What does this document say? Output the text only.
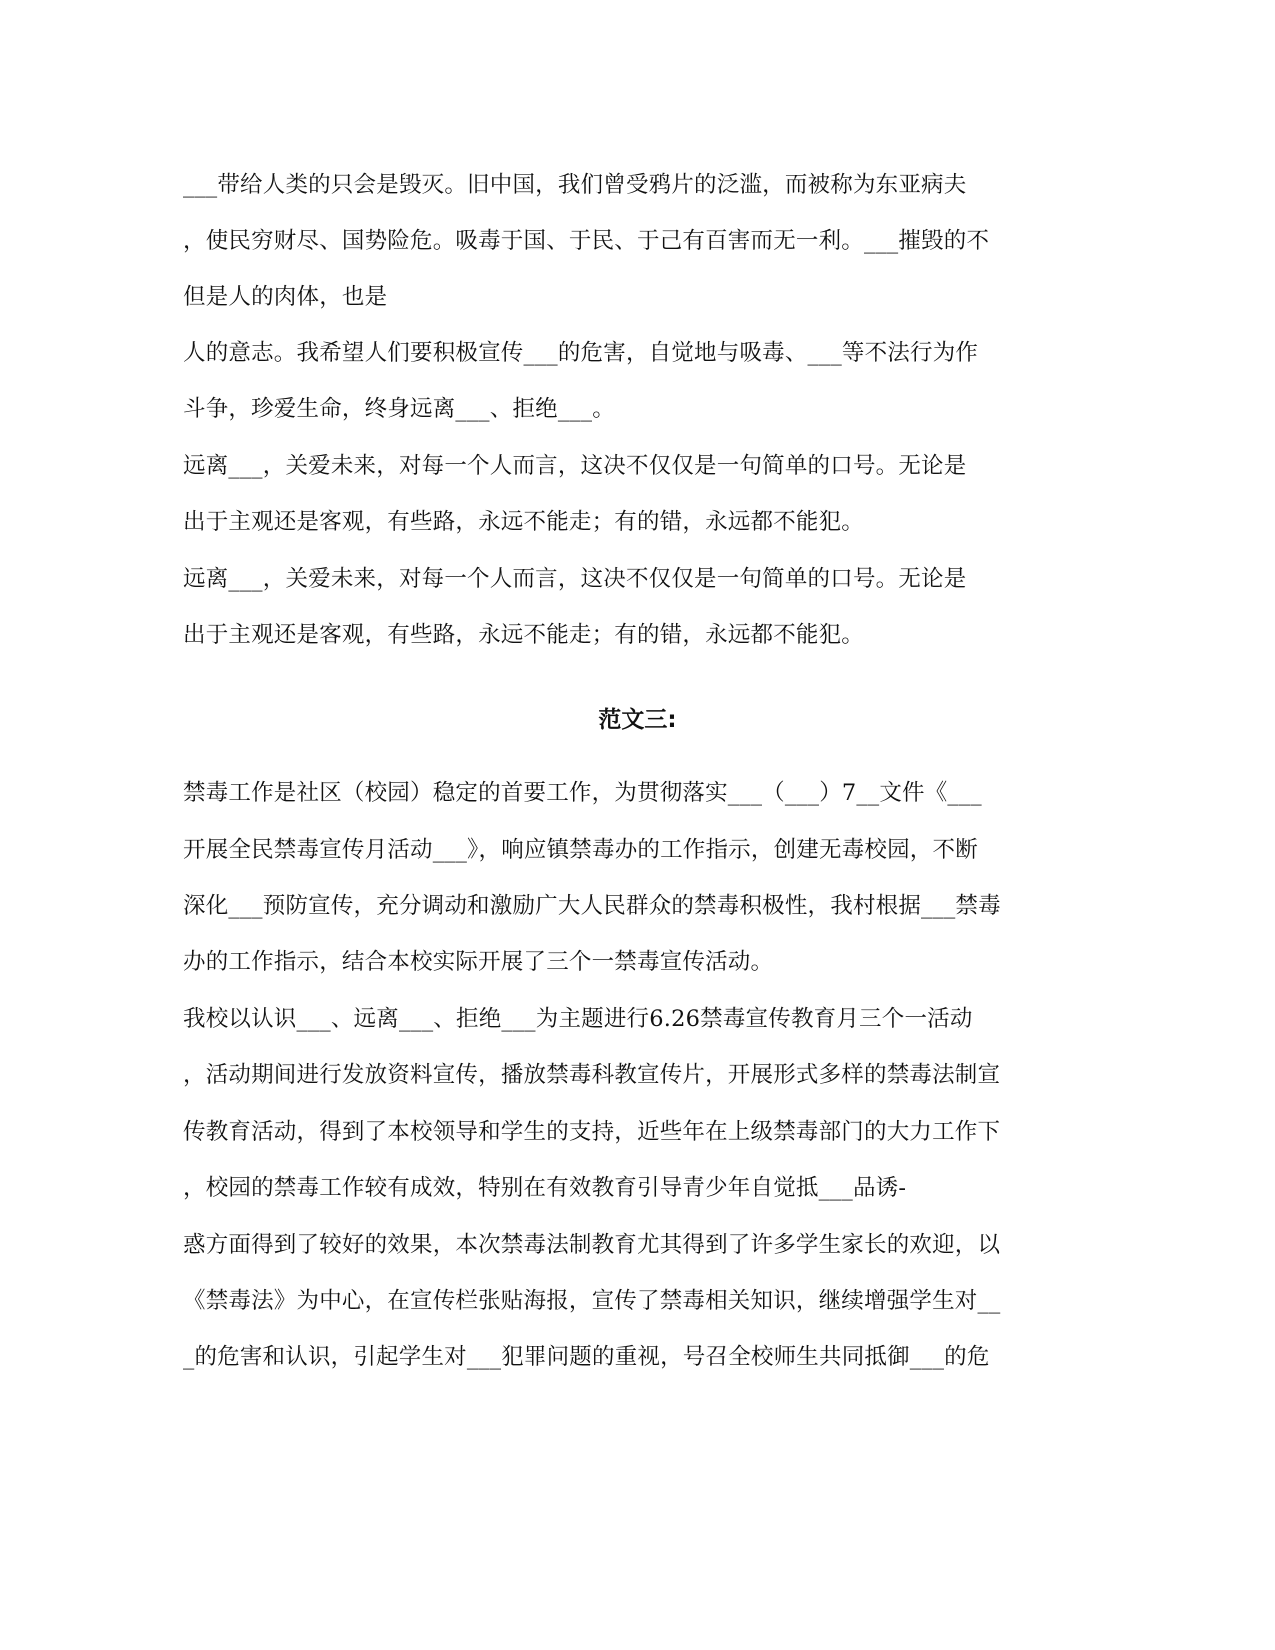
___带给人类的只会是毁灭。旧中国，我们曾受鸦片的泛滥，而被称为东亚病夫
，使民穷财尽、国势险危。吸毒于国、于民、于己有百害而无一利。___摧毁的不
但是人的肉体，也是
人的意志。我希望人们要积极宣传___的危害，自觉地与吸毒、___等不法行为作
斗争，珍爱生命，终身远离___、拒绝___。
远离___，关爱未来，对每一个人而言，这决不仅仅是一句简单的口号。无论是
出于主观还是客观，有些路，永远不能走；有的错，永远都不能犯。
远离___，关爱未来，对每一个人而言，这决不仅仅是一句简单的口号。无论是
出于主观还是客观，有些路，永远不能走；有的错，永远都不能犯。
范文三:
禁毒工作是社区（校园）稳定的首要工作，为贯彻落实___（___）7__文件《___
开展全民禁毒宣传月活动___》，响应镇禁毒办的工作指示，创建无毒校园，不断
深化___预防宣传，充分调动和激励广大人民群众的禁毒积极性，我村根据___禁毒
办的工作指示，结合本校实际开展了三个一禁毒宣传活动。
我校以认识___、远离___、拒绝___为主题进行6.26禁毒宣传教育月三个一活动
，活动期间进行发放资料宣传，播放禁毒科教宣传片，开展形式多样的禁毒法制宣
传教育活动，得到了本校领导和学生的支持，近些年在上级禁毒部门的大力工作下
，校园的禁毒工作较有成效，特别在有效教育引导青少年自觉抵___品诱-
惑方面得到了较好的效果，本次禁毒法制教育尤其得到了许多学生家长的欢迎，以
《禁毒法》为中心，在宣传栏张贴海报，宣传了禁毒相关知识，继续增强学生对__
_的危害和认识，引起学生对___犯罪问题的重视，号召全校师生共同抵御___的危
